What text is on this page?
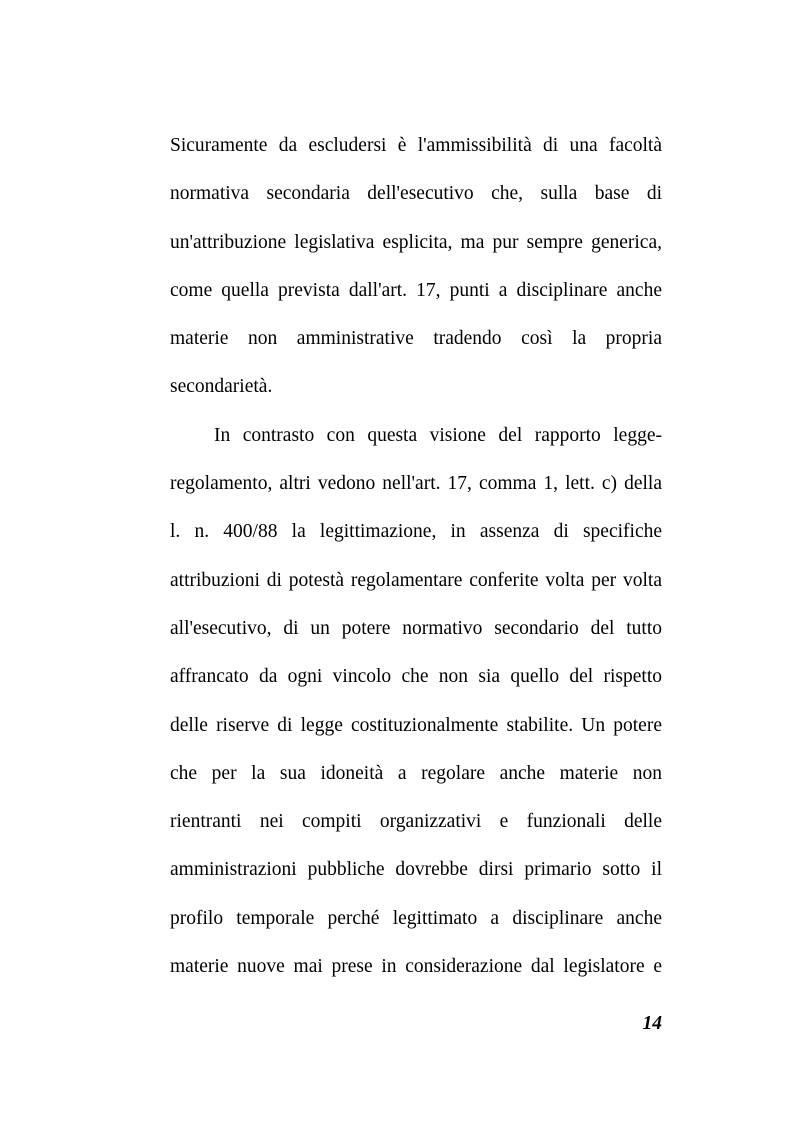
Sicuramente da escludersi è l'ammissibilità di una facoltà
normativa secondaria dell'esecutivo che, sulla base di
un'attribuzione legislativa esplicita, ma pur sempre generica,
come quella prevista dall'art. 17, punti a disciplinare anche
materie non amministrative tradendo così la propria
secondarietà.
In contrasto con questa visione del rapporto legge-
regolamento, altri vedono nell'art. 17, comma 1, lett. c) della
l. n. 400/88 la legittimazione, in assenza di specifiche
attribuzioni di potestà regolamentare conferite volta per volta
all'esecutivo, di un potere normativo secondario del tutto
affrancato da ogni vincolo che non sia quello del rispetto
delle riserve di legge costituzionalmente stabilite. Un potere
che per la sua idoneità a regolare anche materie non
rientranti nei compiti organizzativi e funzionali delle
amministrazioni pubbliche dovrebbe dirsi primario sotto il
profilo temporale perché legittimato a disciplinare anche
materie nuove mai prese in considerazione dal legislatore e
14
